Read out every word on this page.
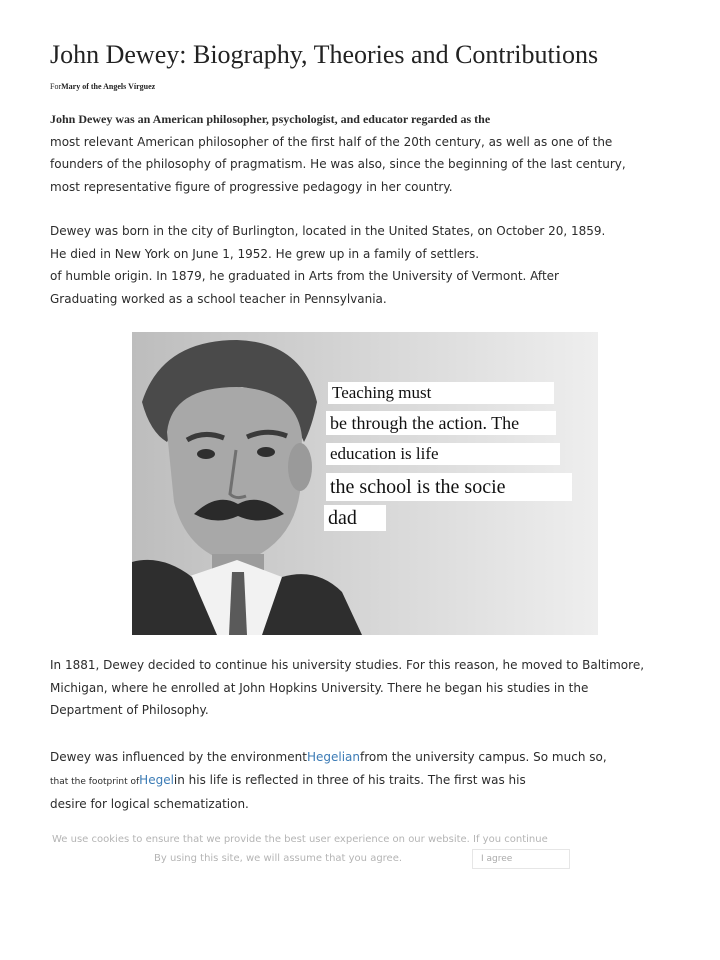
John Dewey: Biography, Theories and Contributions
ForMary of the Angels Vírguez

John Dewey was an American philosopher, psychologist, and educator regarded as the
most relevant American philosopher of the first half of the 20th century, as well as one of the
founders of the philosophy of pragmatism. He was also, since the beginning of the last century,
most representative figure of progressive pedagogy in her country.

Dewey was born in the city of Burlington, located in the United States, on October 20, 1859.
He died in New York on June 1, 1952. He grew up in a family of settlers.
of humble origin. In 1879, he graduated in Arts from the University of Vermont. After
Graduating worked as a school teacher in Pennsylvania.

In 1881, Dewey decided to continue his university studies. For this reason, he moved to Baltimore,
Michigan, where he enrolled at John Hopkins University. There he began his studies in the
Department of Philosophy.

Dewey was influenced by the environmentHegelianfrom the university campus. So much so,
that the footprint ofHegelin his life is reflected in three of his traits. The first was his
desire for logical schematization.

Teaching must
be through the action. The
education is life
the school is the socie
dad
We use cookies to ensure that we provide the best user experience on our website. If you continue
By using this site, we will assume that you agree.	I agree
